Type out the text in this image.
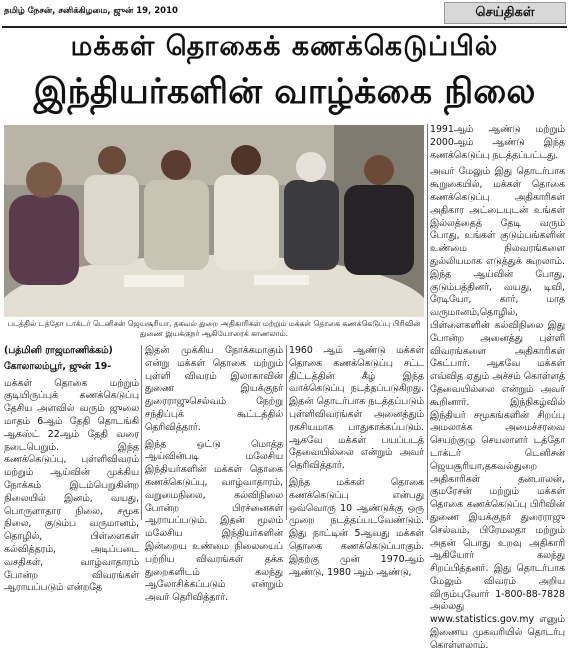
தமிழ் நேசன், சனிக்கிழமை, ஜுன் 19, 2010	செய்திகள்
மக்கள் தொகைக் கணக்கெடுப்பில்
இந்தியர்களின் வாழ்க்கை நிலை
படத்தில் டத்தோ டாக்டர் டெனிசன் ஜெயசூரியா, தகவல் துறை அதிகாரிகள் மற்றும் மக்கள் தொகை கணக்கெடுப்பு பிரிவின் துணை இயக்குநர் ஆகியோரைக் காணலாம்.

(பத்மினி ராஜமாணிக்கம்)

கோலாலம்பூர், ஜுன் 19-

மக்கள் தொகை மற்றும் குடியிருப்புக் கணக்கெடுப்பு தேசிய அளவில் வரும் ஜுலை மாதம் 6ஆம் தேதி தொடங்கி ஆகஸ்ட் 22ஆம் தேதி வரை நடைபெறும். இந்த கணக்கெடுப்பு, புள்ளிவிவரம் மற்றும் ஆய்வின் முக்கிய நோக்கம் இடம்பெறுகின்ற நிலையில் இனம், வயது, பொருளாதார நிலை, சமூக நிலை, குடும்ப வருமானம், தொழில், பிள்ளைகள் கல்வித்தரம், அடிப்படை வசதிகள், வாழ்வாதாரம் போன்ற விவரங்கள் ஆராயப்படும் என்றதே

இதன் முக்கிய நோக்கமாகும் என்று மக்கள் தொகை மற்றும் புள்ளி விவரம் இலாகாவின் துணை இயக்குநர் துரைராஜுசெல்வம் நேற்று சந்திப்புக் கூட்டத்தில் தெரிவித்தார்.

இந்த ஒட்டு மொத்த ஆய்வின்படி மலேசிய இந்தியர்களின் மக்கள் தொகை கணக்கெடுப்பு, வாழ்வாதாரம், வறுமைநிலை, கல்விநிலை போன்ற பிரச்னைகள் ஆராயப்படும். இதன் மூலம் மலேசிய இந்தியர்களின் இன்றைய உண்மை நிலையைப் பற்றிய விவரங்கள் தக்க துறைகளிடம் கலந்து ஆலோசிக்கப்படும் என்றும் அவர் தெரிவித்தார்.

1960 ஆம் ஆண்டு மக்கள் தொகை கணக்கெடுப்பு சட்ட திட்டத்தின் கீழ் இந்த வாக்கெடுப்பு நடத்தப்படுகிறது. இதன் தொடர்பாக நடத்தப்படும் புள்ளிவிவரங்கள் அனைத்தும் ரகசியமாக பாதுகாக்கப்படும். ஆகவே மக்கள் பயப்படத் தேவையில்லை என்றும் அவர் தெரிவித்தார்.

இந்த மக்கள் தொகை கணக்கெடுப்பு என்பது ஒவ்வொரு 10 ஆண்டுக்கு ஒரு முறை நடத்தப்படவேண்டும். இது நாட்டின் 5ஆவது மக்கள் தொகை கணக்கெடுப்பாகும். இதற்கு முன் 1970ஆம் ஆண்டு, 1980 ஆம் ஆண்டு,

1991ஆம் ஆண்டு மற்றும் 2000ஆம் ஆண்டு இந்த கணக்கெடுப்பு நடத்தப்பட்டது.

அவர் மேலும் இது தொடர்பாக கூறுகையில், மக்கள் தொகை கணக்கெடுப்பு அதிகாரிகள் அதிகார அட்டையுடன் உங்கள் இல்லத்தைத் தேடி வரும் போது, உங்கள் குடும்பங்களின் உண்மை நிலவரங்களை துல்லியமாக எடுத்துக் கூறலாம். இந்த ஆய்வின் போது, குடும்பத்தினர், வயது, டிவி, ரேடியோ, கார், மாத வருமானம்,தொழில், பிள்ளைகளின் கல்விநிலை இது போன்ற அனைத்து புள்ளி விவரங்களை அதிகாரிகள் கேட்பார். ஆகவே மக்கள் எவ்வித ஏதும் அச்சம் கொள்ளத் தேவையில்லை என்றும் அவர் கூறினார். இந்நிகழ்வில் இந்தியர் சமூகங்களின் சிறப்பு அமலாக்க அமைச்சரவை செயற்குழு செயலாளர் டத்தோ டாக்டர் டெனிசன் ஜெயசூரியா,தகவல்துறை அதிகாரிகள் தனபாலன், குமரேசன் மற்றும் மக்கள் தொகை கணக்கெடுப்பு பிரிவின் துணை இயக்குநர் துரைராஜு செல்வம், பிரேமலதா மற்றும் அதன் பொது உறவு அதிகாரி ஆகியோர் கலந்து சிறப்பித்தனர். இது தொடர்பாக மேலும் விவரம் அறிய விரும்புவோர் 1-800-88-7828 அல்லது www.statistics.gov.my எனும் இணைய முகவரியில் தொடர்பு கொள்ளலாம்.
